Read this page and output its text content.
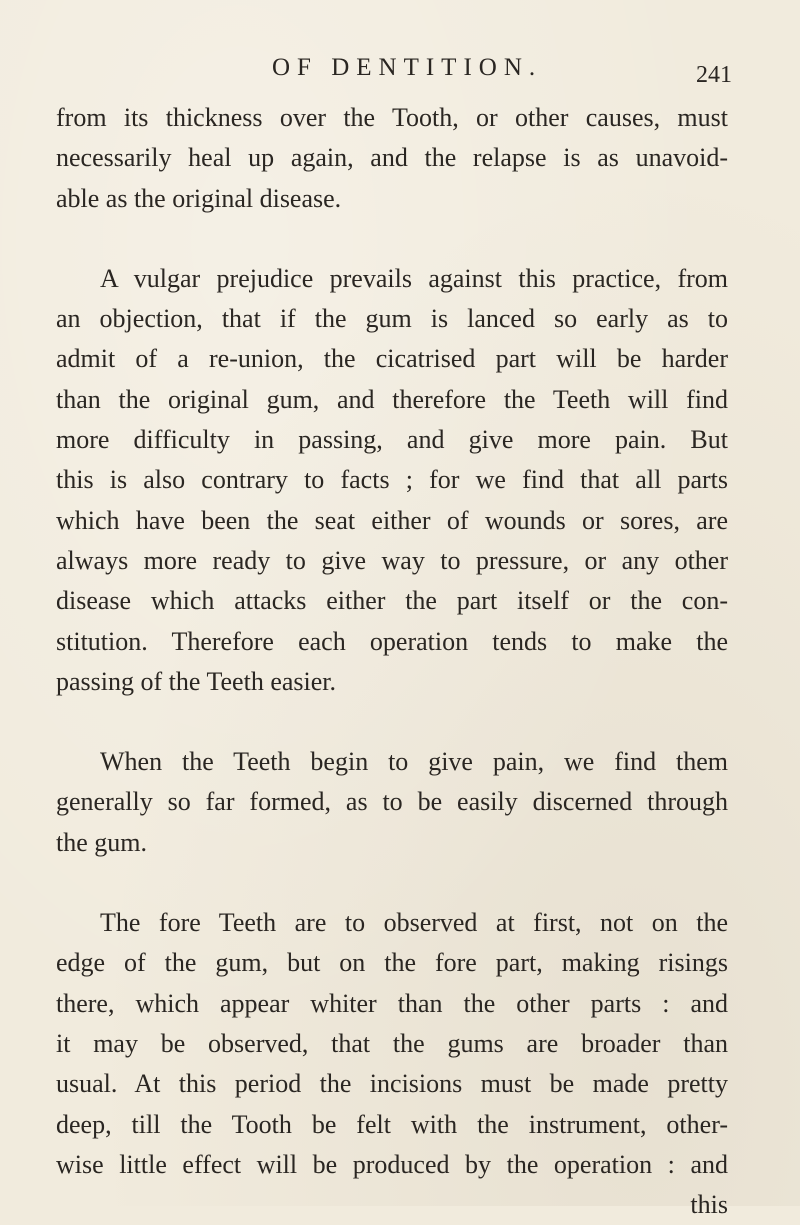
OF DENTITION.	241

from its thickness over the Tooth, or other causes, must
necessarily heal up again, and the relapse is as unavoid-
able as the original disease.

A vulgar prejudice prevails against this practice, from
an objection, that if the gum is lanced so early as to
admit of a re-union, the cicatrised part will be harder
than the original gum, and therefore the Teeth will find
more difficulty in passing, and give more pain. But
this is also contrary to facts ; for we find that all parts
which have been the seat either of wounds or sores, are
always more ready to give way to pressure, or any other
disease which attacks either the part itself or the con-
stitution. Therefore each operation tends to make the
passing of the Teeth easier.

When the Teeth begin to give pain, we find them
generally so far formed, as to be easily discerned through
the gum.

The fore Teeth are to observed at first, not on the
edge of the gum, but on the fore part, making risings
there, which appear whiter than the other parts : and
it may be observed, that the gums are broader than
usual. At this period the incisions must be made pretty
deep, till the Tooth be felt with the instrument, other-
wise little effect will be produced by the operation : and
this
